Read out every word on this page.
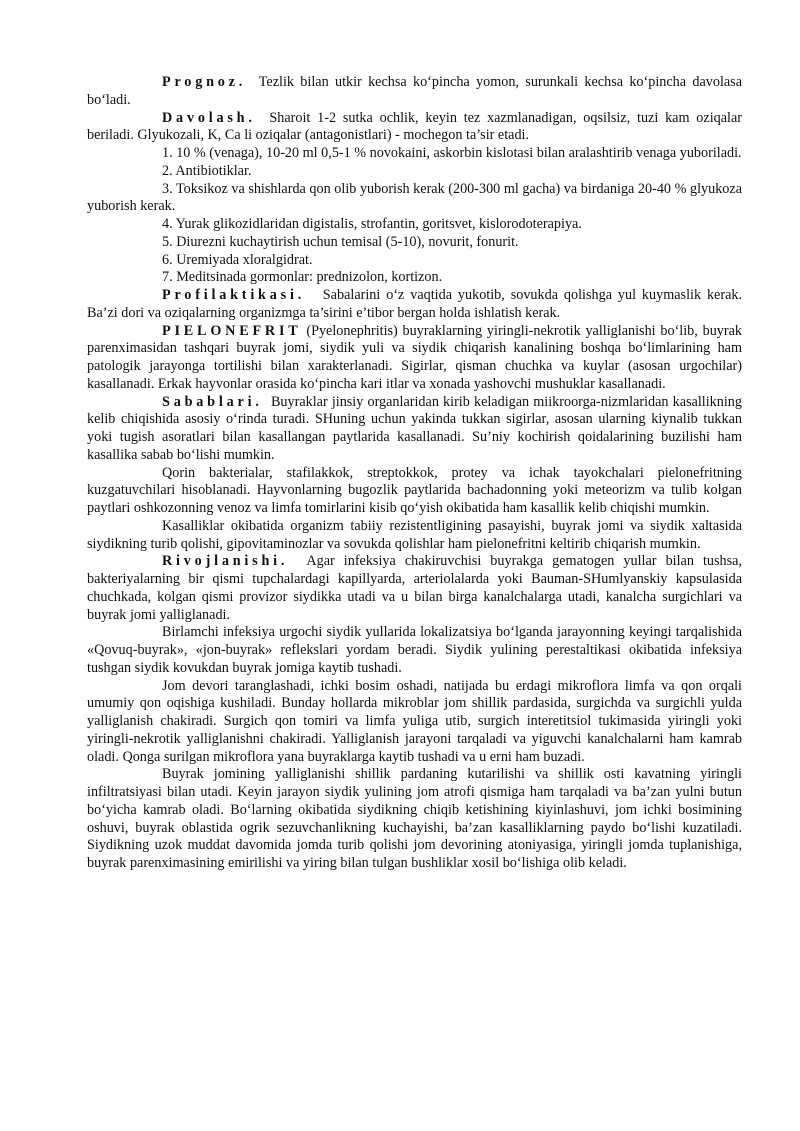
Prognoz. Tezlik bilan utkir kechsa ko‘pincha yomon, surunkali kechsa ko‘pincha davolasa bo‘ladi.

Davolash. Sharoit 1-2 sutka ochlik, keyin tez xazmlanadigan, oqsilsiz, tuzi kam oziqalar beriladi. Glyukozali, K, Ca li oziqalar (antagonistlari) - mochegon ta’sir etadi.

1. 10 % (venaga), 10-20 ml 0,5-1 % novokaini, askorbin kislotasi bilan aralashtirib venaga yuboriladi.

2. Antibiotiklar.

3. Toksikoz va shishlarda qon olib yuborish kerak (200-300 ml gacha) va birdaniga 20-40 % glyukoza yuborish kerak.

4. Yurak glikozidlaridan digistalis, strofantin, goritsvet, kislorodoterapiya.

5. Diurezni kuchaytirish uchun temisal (5-10), novurit, fonurit.

6. Uremiyada xloralgidrat.

7. Meditsinada gormonlar: prednizolon, kortizon.

Profilaktikasi. Sabalarini o‘z vaqtida yukotib, sovukda qolishga yul kuymaslik kerak. Ba’zi dori va oziqalarning organizmga ta’sirini e’tibor bergan holda ishlatish kerak.

PIELONEFRIT (Pyelonephritis) buyraklarning yiringli-nekrotik yalliglanishi bo‘lib, buyrak parenximasidan tashqari buyrak jomi, siydik yuli va siydik chiqarish kanalining boshqa bo‘limlarining ham patologik jarayonga tortilishi bilan xarakterlanadi. Sigirlar, qisman chuchka va kuylar (asosan urgochilar) kasallanadi. Erkak hayvonlar orasida ko‘pincha kari itlar va xonada yashovchi mushuklar kasallanadi.

Sabablari. Buyraklar jinsiy organlaridan kirib keladigan miikroorga-nizmlaridan kasallikning kelib chiqishida asosiy o‘rinda turadi. SHuning uchun yakinda tukkan sigirlar, asosan ularning kiynalib tukkan yoki tugish asoratlari bilan kasallangan paytlarida kasallanadi. Su’niy kochirish qoidalarining buzilishi ham kasallika sabab bo‘lishi mumkin.

Qorin bakterialar, stafilakkok, streptokkok, protey va ichak tayokchalari pielonefritning kuzgatuvchilari hisoblanadi. Hayvonlarning bugozlik paytlarida bachadonning yoki meteorizm va tulib kolgan paytlari oshkozonning venoz va limfa tomirlarini kisib qo‘yish okibatida ham kasallik kelib chiqishi mumkin.

Kasalliklar okibatida organizm tabiiy rezistentligining pasayishi, buyrak jomi va siydik xaltasida siydikning turib qolishi, gipovitaminozlar va sovukda qolishlar ham pielonefritni keltirib chiqarish mumkin.

Rivojlanishi. Agar infeksiya chakiruvchisi buyrakga gematogen yullar bilan tushsa, bakteriyalarning bir qismi tupchalardagi kapillyarda, arteriolalarda yoki Bauman-SHumlyanskiy kapsulasida chuchkada, kolgan qismi provizor siydikka utadi va u bilan birga kanalchalarga utadi, kanalcha surgichlari va buyrak jomi yalliglanadi.

Birlamchi infeksiya urgochi siydik yullarida lokalizatsiya bo‘lganda jarayonning keyingi tarqalishida «Qovuq-buyrak», «jon-buyrak» reflekslari yordam beradi. Siydik yulining perestaltikasi okibatida infeksiya tushgan siydik kovukdan buyrak jomiga kaytib tushadi.

Jom devori taranglashadi, ichki bosim oshadi, natijada bu erdagi mikroflora limfa va qon orqali umumiy qon oqishiga kushiladi. Bunday hollarda mikroblar jom shillik pardasida, surgichda va surgichli yulda yalliglanish chakiradi. Surgich qon tomiri va limfa yuliga utib, surgich interetitsiol tukimasida yiringli yoki yiringli-nekrotik yalliglanishni chakiradi. Yalliglanish jarayoni tarqaladi va yiguvchi kanalchalarni ham kamrab oladi. Qonga surilgan mikroflora yana buyraklarga kaytib tushadi va u erni ham buzadi.

Buyrak jomining yalliglanishi shillik pardaning kutarilishi va shillik osti kavatning yiringli infiltratsiyasi bilan utadi. Keyin jarayon siydik yulining jom atrofi qismiga ham tarqaladi va ba’zan yulni butun bo‘yicha kamrab oladi. Bo‘larning okibatida siydikning chiqib ketishining kiyinlashuvi, jom ichki bosimining oshuvi, buyrak oblastida ogrik sezuvchanlikning kuchayishi, ba’zan kasalliklarning paydo bo‘lishi kuzatiladi. Siydikning uzok muddat davomida jomda turib qolishi jom devorining atoniyasiga, yiringli jomda tuplanishiga, buyrak parenximasining emirilishi va yiring bilan tulgan bushliklar xosil bo‘lishiga olib keladi.
